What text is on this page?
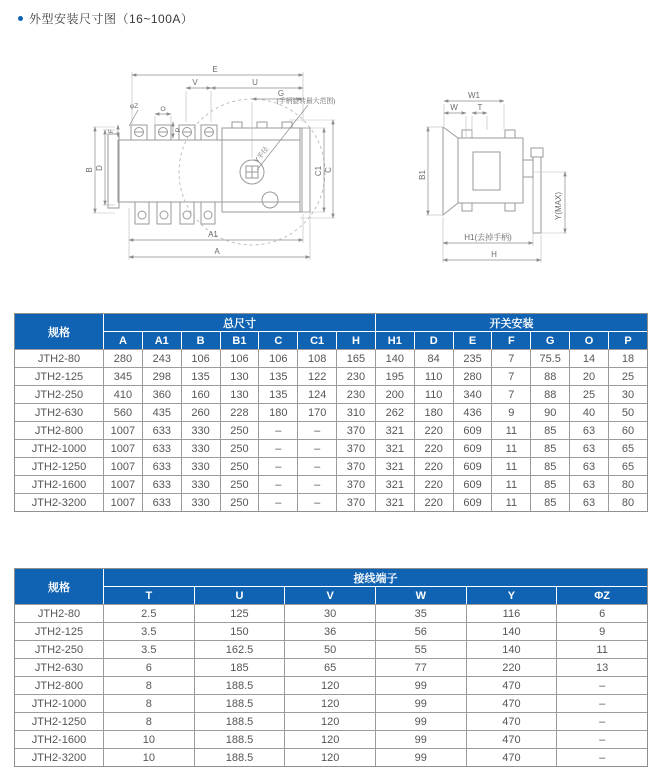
外型安装尺寸图（16~100A）
E
V	U
G
(手柄旋转最大范围)
Y半径
φZ	O
P
F
B D
A1
A
C1 C
W1
W T
B1
Y(MAX)
H1(去掉手柄)
H
规格	总尺寸							开关安装						
	A	A1	B	B1	C	C1	H	H1	D	E	F	G	O	P
JTH2-80	280	243	106	106	106	108	165	140	84	235	7	75.5	14	18
JTH2-125	345	298	135	130	135	122	230	195	110	280	7	88	20	25
JTH2-250	410	360	160	130	135	124	230	200	110	340	7	88	25	30
JTH2-630	560	435	260	228	180	170	310	262	180	436	9	90	40	50
JTH2-800	1007	633	330	250	–	–	370	321	220	609	11	85	63	60
JTH2-1000	1007	633	330	250	–	–	370	321	220	609	11	85	63	65
JTH2-1250	1007	633	330	250	–	–	370	321	220	609	11	85	63	65
JTH2-1600	1007	633	330	250	–	–	370	321	220	609	11	85	63	80
JTH2-3200	1007	633	330	250	–	–	370	321	220	609	11	85	63	80
规格	接线端子					
	T	U	V	W	Y	ΦZ
JTH2-80	2.5	125	30	35	116	6
JTH2-125	3.5	150	36	56	140	9
JTH2-250	3.5	162.5	50	55	140	11
JTH2-630	6	185	65	77	220	13
JTH2-800	8	188.5	120	99	470	–
JTH2-1000	8	188.5	120	99	470	–
JTH2-1250	8	188.5	120	99	470	–
JTH2-1600	10	188.5	120	99	470	–
JTH2-3200	10	188.5	120	99	470	–
